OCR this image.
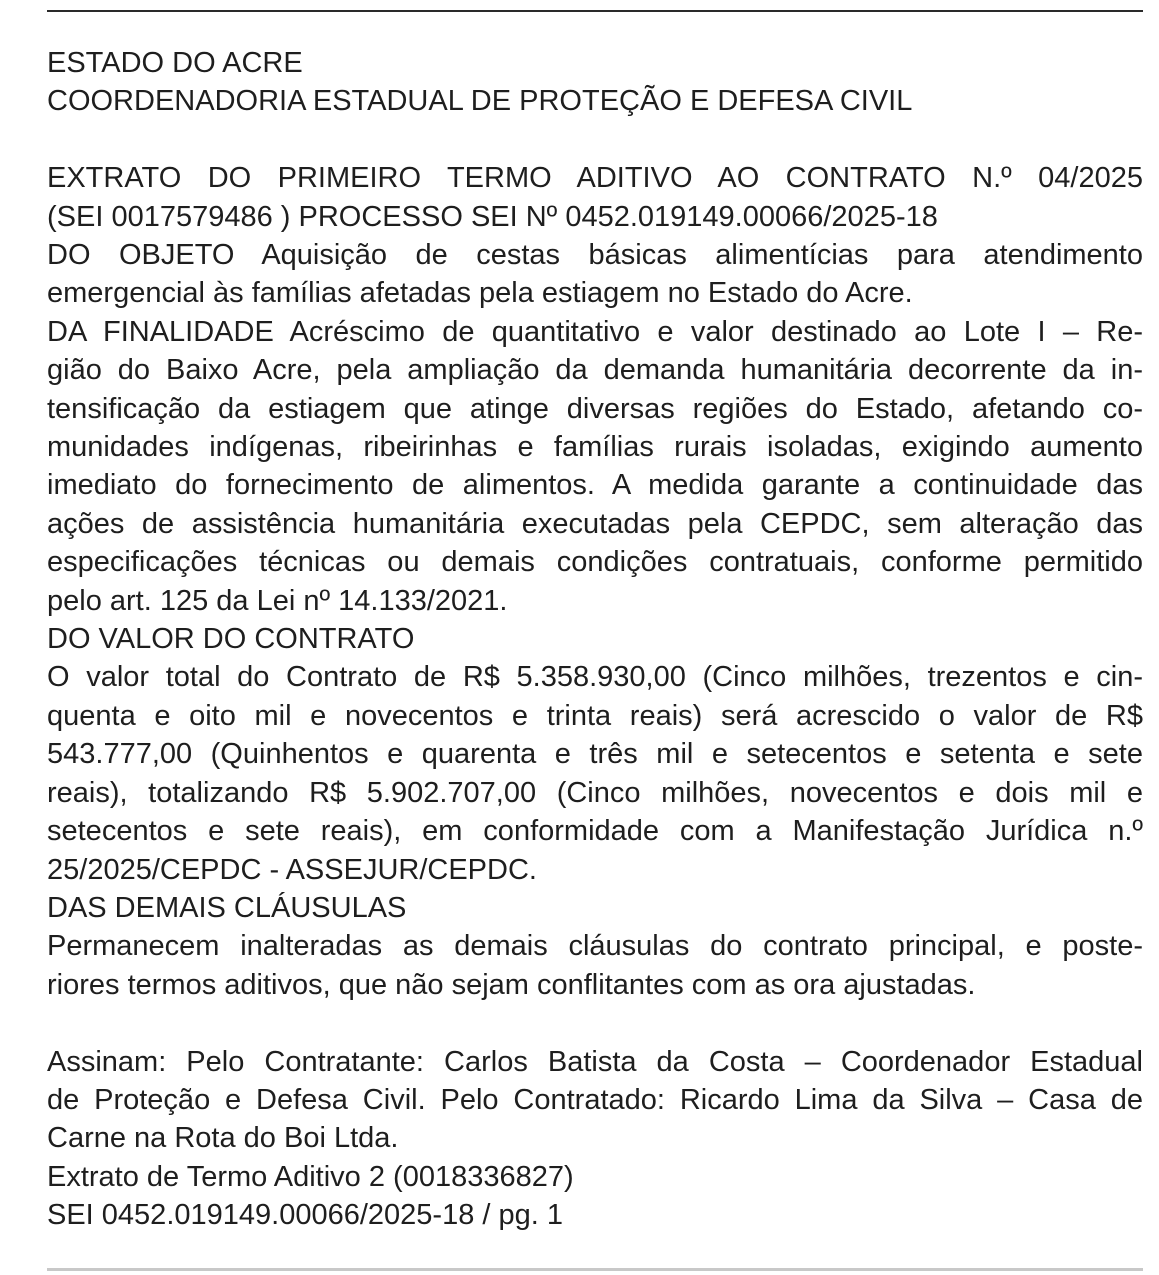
ESTADO DO ACRE
COORDENADORIA ESTADUAL DE PROTEÇÃO E DEFESA CIVIL

EXTRATO DO PRIMEIRO TERMO ADITIVO AO CONTRATO N.º 04/2025
(SEI 0017579486 ) PROCESSO SEI Nº 0452.019149.00066/2025-18

DO OBJETO Aquisição de cestas básicas alimentícias para atendimento
emergencial às famílias afetadas pela estiagem no Estado do Acre.

DA FINALIDADE Acréscimo de quantitativo e valor destinado ao Lote I – Re-
gião do Baixo Acre, pela ampliação da demanda humanitária decorrente da in-
tensificação da estiagem que atinge diversas regiões do Estado, afetando co-
munidades indígenas, ribeirinhas e famílias rurais isoladas, exigindo aumento
imediato do fornecimento de alimentos. A medida garante a continuidade das
ações de assistência humanitária executadas pela CEPDC, sem alteração das
especificações técnicas ou demais condições contratuais, conforme permitido
pelo art. 125 da Lei nº 14.133/2021.

DO VALOR DO CONTRATO
O valor total do Contrato de R$ 5.358.930,00 (Cinco milhões, trezentos e cin-
quenta e oito mil e novecentos e trinta reais) será acrescido o valor de R$
543.777,00 (Quinhentos e quarenta e três mil e setecentos e setenta e sete
reais), totalizando R$ 5.902.707,00 (Cinco milhões, novecentos e dois mil e
setecentos e sete reais), em conformidade com a Manifestação Jurídica n.º
25/2025/CEPDC - ASSEJUR/CEPDC.

DAS DEMAIS CLÁUSULAS
Permanecem inalteradas as demais cláusulas do contrato principal, e poste-
riores termos aditivos, que não sejam conflitantes com as ora ajustadas.

Assinam: Pelo Contratante: Carlos Batista da Costa – Coordenador Estadual
de Proteção e Defesa Civil. Pelo Contratado: Ricardo Lima da Silva – Casa de
Carne na Rota do Boi Ltda.

Extrato de Termo Aditivo 2 (0018336827)
SEI 0452.019149.00066/2025-18 / pg. 1
